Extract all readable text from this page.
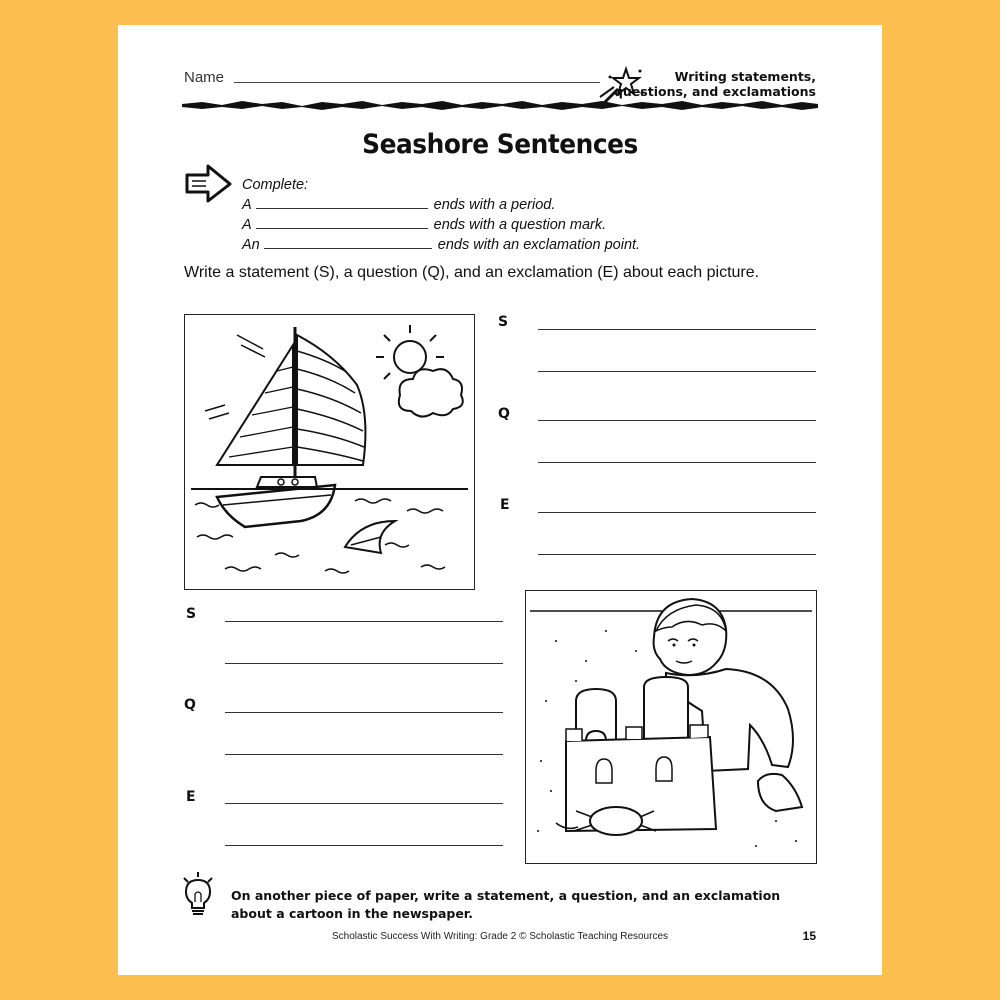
Name	Writing statements,
questions, and exclamations
Seashore Sentences
Complete:
A	ends with a period.
A	ends with a question mark.
An	ends with an exclamation point.
Write a statement (S), a question (Q), and an exclamation (E) about each picture.
S
Q
E
S
Q
E
On another piece of paper, write a statement, a question, and an exclamation about a cartoon in the newspaper.
Scholastic Success With Writing: Grade 2 © Scholastic Teaching Resources	15
